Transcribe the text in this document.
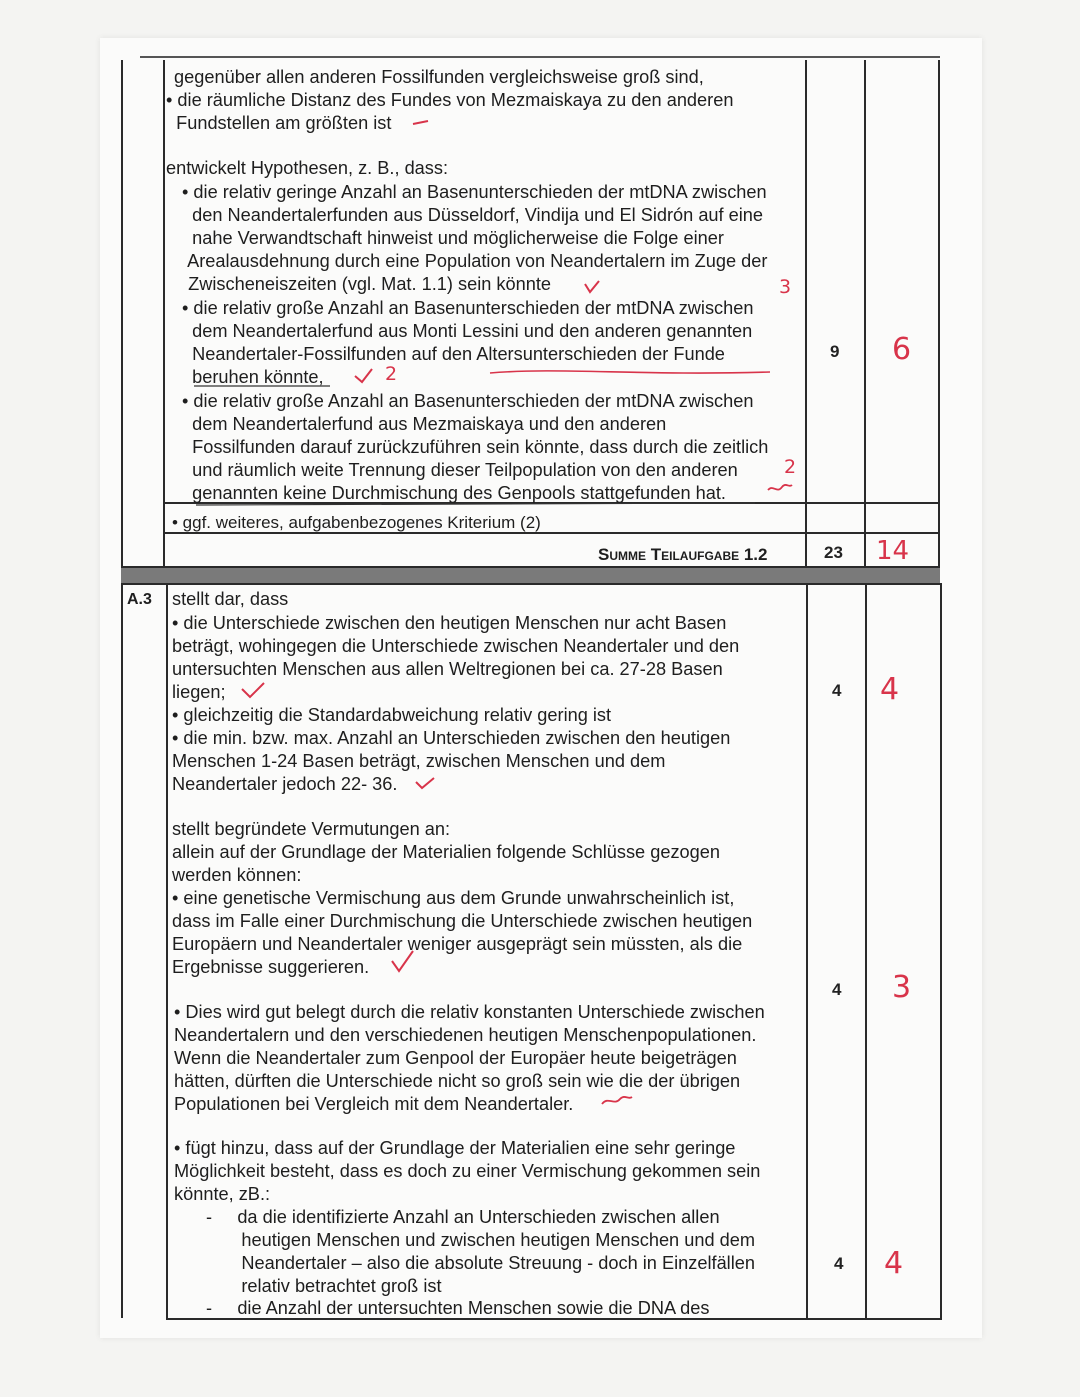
gegenüber allen anderen Fossilfunden vergleichsweise groß sind,
• die räumliche Distanz des Fundes von Mezmaiskaya zu den anderen
Fundstellen am größten ist
entwickelt Hypothesen, z. B., dass:
• die relativ geringe Anzahl an Basenunterschieden der mtDNA zwischen
den Neandertalerfunden aus Düsseldorf, Vindija und El Sidrón auf eine
nahe Verwandtschaft hinweist und möglicherweise die Folge einer
Arealausdehnung durch eine Population von Neandertalern im Zuge der
Zwischeneiszeiten (vgl. Mat. 1.1) sein könnte
• die relativ große Anzahl an Basenunterschieden der mtDNA zwischen
dem Neandertalerfund aus Monti Lessini und den anderen genannten
Neandertaler-Fossilfunden auf den Altersunterschieden der Funde
beruhen könnte,
• die relativ große Anzahl an Basenunterschieden der mtDNA zwischen
dem Neandertalerfund aus Mezmaiskaya und den anderen
Fossilfunden darauf zurückzuführen sein könnte, dass durch die zeitlich
und räumlich weite Trennung dieser Teilpopulation von den anderen
genannten keine Durchmischung des Genpools stattgefunden hat.
9 6
3
2
2
• ggf. weiteres, aufgabenbezogenes Kriterium (2)
Summe Teilaufgabe 1.2	23 14
A.3 stellt dar, dass
• die Unterschiede zwischen den heutigen Menschen nur acht Basen
beträgt, wohingegen die Unterschiede zwischen Neandertaler und den
untersuchten Menschen aus allen Weltregionen bei ca. 27-28 Basen
liegen;
• gleichzeitig die Standardabweichung relativ gering ist
• die min. bzw. max. Anzahl an Unterschieden zwischen den heutigen
Menschen 1-24 Basen beträgt, zwischen Menschen und dem
Neandertaler jedoch 22- 36.
4 4
stellt begründete Vermutungen an:
allein auf der Grundlage der Materialien folgende Schlüsse gezogen
werden können:
• eine genetische Vermischung aus dem Grunde unwahrscheinlich ist,
dass im Falle einer Durchmischung die Unterschiede zwischen heutigen
Europäern und Neandertaler weniger ausgeprägt sein müssten, als die
Ergebnisse suggerieren.
• Dies wird gut belegt durch die relativ konstanten Unterschiede zwischen
Neandertalern und den verschiedenen heutigen Menschenpopulationen.
Wenn die Neandertaler zum Genpool der Europäer heute beigeträgen
hätten, dürften die Unterschiede nicht so groß sein wie die der übrigen
Populationen bei Vergleich mit dem Neandertaler.
4 3
• fügt hinzu, dass auf der Grundlage der Materialien eine sehr geringe
Möglichkeit besteht, dass es doch zu einer Vermischung gekommen sein
könnte, zB.:
-     da die identifizierte Anzahl an Unterschieden zwischen allen
heutigen Menschen und zwischen heutigen Menschen und dem
Neandertaler – also die absolute Streuung - doch in Einzelfällen
relativ betrachtet groß ist
-     die Anzahl der untersuchten Menschen sowie die DNA des
4 4
